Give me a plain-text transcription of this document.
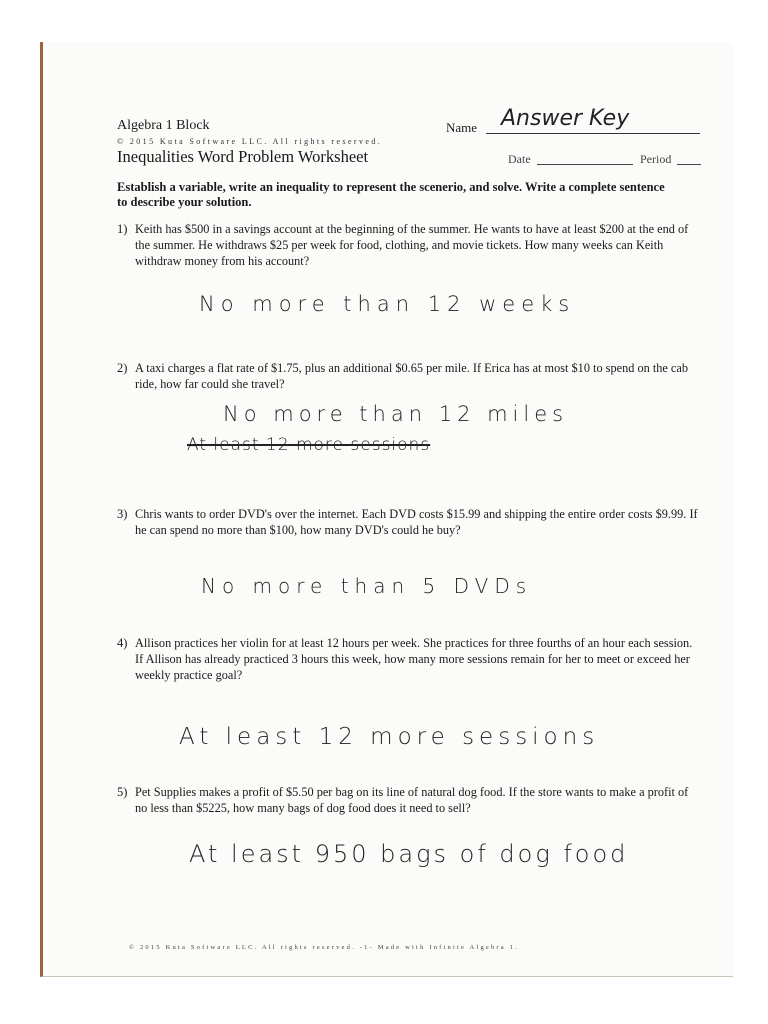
Algebra 1 Block
© 2015 Kuta Software LLC. All rights reserved.
Inequalities Word Problem Worksheet
Name Answer Key
Date	Period
Establish a variable, write an inequality to represent the scenerio, and solve. Write a complete sentence to describe your solution.
1) Keith has $500 in a savings account at the beginning of the summer. He wants to have at least $200 at the end of the summer. He withdraws $25 per week for food, clothing, and movie tickets. How many weeks can Keith withdraw money from his account?
No more than 12 weeks
2) A taxi charges a flat rate of $1.75, plus an additional $0.65 per mile. If Erica has at most $10 to spend on the cab ride, how far could she travel?
No more than 12 miles
At least 12 more sessions
3) Chris wants to order DVD's over the internet. Each DVD costs $15.99 and shipping the entire order costs $9.99. If he can spend no more than $100, how many DVD's could he buy?
No more than 5 DVDs
4) Allison practices her violin for at least 12 hours per week. She practices for three fourths of an hour each session. If Allison has already practiced 3 hours this week, how many more sessions remain for her to meet or exceed her weekly practice goal?
At least 12 more sessions
5) Pet Supplies makes a profit of $5.50 per bag on its line of natural dog food. If the store wants to make a profit of no less than $5225, how many bags of dog food does it need to sell?
At least 950 bags of dog food
© 2015 Kuta Software LLC. All rights reserved. -1- Made with Infinite Algebra 1.
